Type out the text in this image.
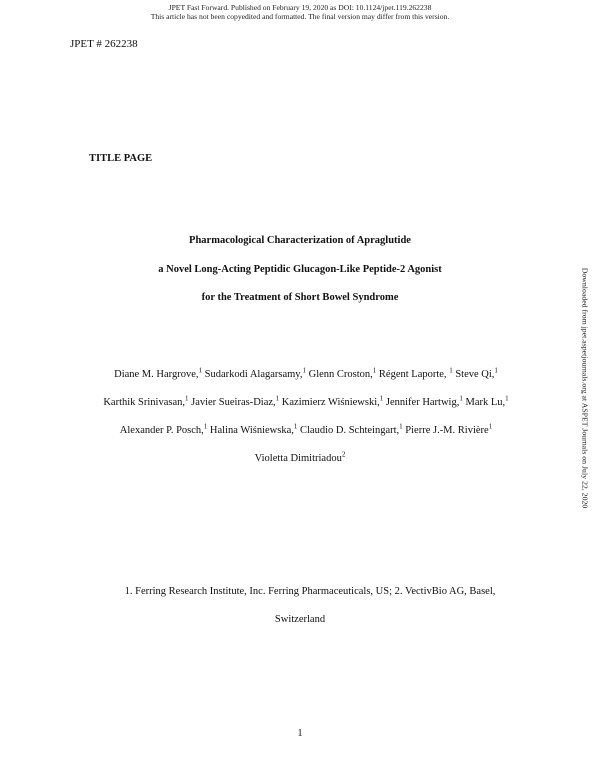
JPET Fast Forward. Published on February 19, 2020 as DOI: 10.1124/jpet.119.262238
This article has not been copyedited and formatted. The final version may differ from this version.
JPET # 262238
TITLE PAGE
Pharmacological Characterization of Apraglutide
a Novel Long-Acting Peptidic Glucagon-Like Peptide-2 Agonist
for the Treatment of Short Bowel Syndrome
Diane M. Hargrove,$^1$ Sudarkodi Alagarsamy,$^1$ Glenn Croston,$^1$ Régent Laporte, $^1$ Steve Qi,$^1$
Karthik Srinivasan,$^1$ Javier Sueiras-Diaz,$^1$ Kazimierz Wiśniewski,$^1$ Jennifer Hartwig,$^1$ Mark Lu,$^1$
Alexander P. Posch,$^1$ Halina Wiśniewska,$^1$ Claudio D. Schteingart,$^1$ Pierre J.-M. Rivière$^1$
Violetta Dimitriadou$^2$
1. Ferring Research Institute, Inc. Ferring Pharmaceuticals, US; 2. VectivBio AG, Basel,
Switzerland
1
Downloaded from jpet.aspetjournals.org at ASPET Journals on July 22, 2020
